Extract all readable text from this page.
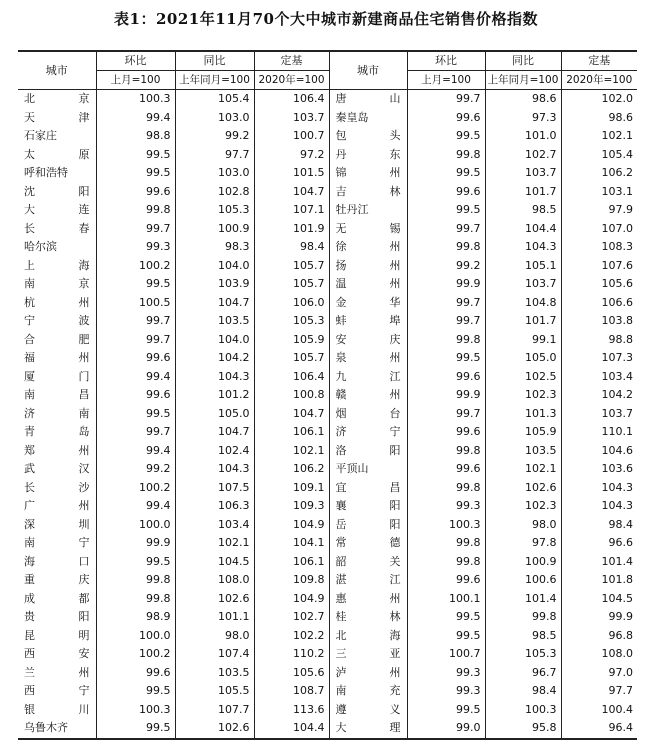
表1：2021年11月70个大中城市新建商品住宅销售价格指数
城市	环比	同比	定基	城市	环比	同比	定基
	上月=100	上年同月=100	2020年=100		上月=100	上年同月=100	2020年=100

北 京	100.3	105.4	106.4	唐 山	99.7	98.6	102.0

天 津	99.4	103.0	103.7	秦皇岛	99.6	97.3	98.6

石家庄	98.8	99.2	100.7	包 头	99.5	101.0	102.1

太 原	99.5	97.7	97.2	丹 东	99.8	102.7	105.4

呼和浩特	99.5	103.0	101.5	锦 州	99.5	103.7	106.2

沈 阳	99.6	102.8	104.7	吉 林	99.6	101.7	103.1

大 连	99.8	105.3	107.1	牡丹江	99.5	98.5	97.9

长 春	99.7	100.9	101.9	无 锡	99.7	104.4	107.0

哈尔滨	99.3	98.3	98.4	徐 州	99.8	104.3	108.3

上 海	100.2	104.0	105.7	扬 州	99.2	105.1	107.6

南 京	99.5	103.9	105.7	温 州	99.9	103.7	105.6

杭 州	100.5	104.7	106.0	金 华	99.7	104.8	106.6

宁 波	99.7	103.5	105.3	蚌 埠	99.7	101.7	103.8

合 肥	99.7	104.0	105.9	安 庆	99.8	99.1	98.8

福 州	99.6	104.2	105.7	泉 州	99.5	105.0	107.3

厦 门	99.4	104.3	106.4	九 江	99.6	102.5	103.4

南 昌	99.6	101.2	100.8	赣 州	99.9	102.3	104.2

济 南	99.5	105.0	104.7	烟 台	99.7	101.3	103.7

青 岛	99.7	104.7	106.1	济 宁	99.6	105.9	110.1

郑 州	99.4	102.4	102.1	洛 阳	99.8	103.5	104.6

武 汉	99.2	104.3	106.2	平顶山	99.6	102.1	103.6

长 沙	100.2	107.5	109.1	宜 昌	99.8	102.6	104.3

广 州	99.4	106.3	109.3	襄 阳	99.3	102.3	104.3

深 圳	100.0	103.4	104.9	岳 阳	100.3	98.0	98.4

南 宁	99.9	102.1	104.1	常 德	99.8	97.8	96.6

海 口	99.5	104.5	106.1	韶 关	99.8	100.9	101.4

重 庆	99.8	108.0	109.8	湛 江	99.6	100.6	101.8

成 都	99.8	102.6	104.9	惠 州	100.1	101.4	104.5

贵 阳	98.9	101.1	102.7	桂 林	99.5	99.8	99.9

昆 明	100.0	98.0	102.2	北 海	99.5	98.5	96.8

西 安	100.2	107.4	110.2	三 亚	100.7	105.3	108.0

兰 州	99.6	103.5	105.6	泸 州	99.3	96.7	97.0

西 宁	99.5	105.5	108.7	南 充	99.3	98.4	97.7

银 川	100.3	107.7	113.6	遵 义	99.5	100.3	100.4

乌鲁木齐	99.5	102.6	104.4	大 理	99.0	95.8	96.4
